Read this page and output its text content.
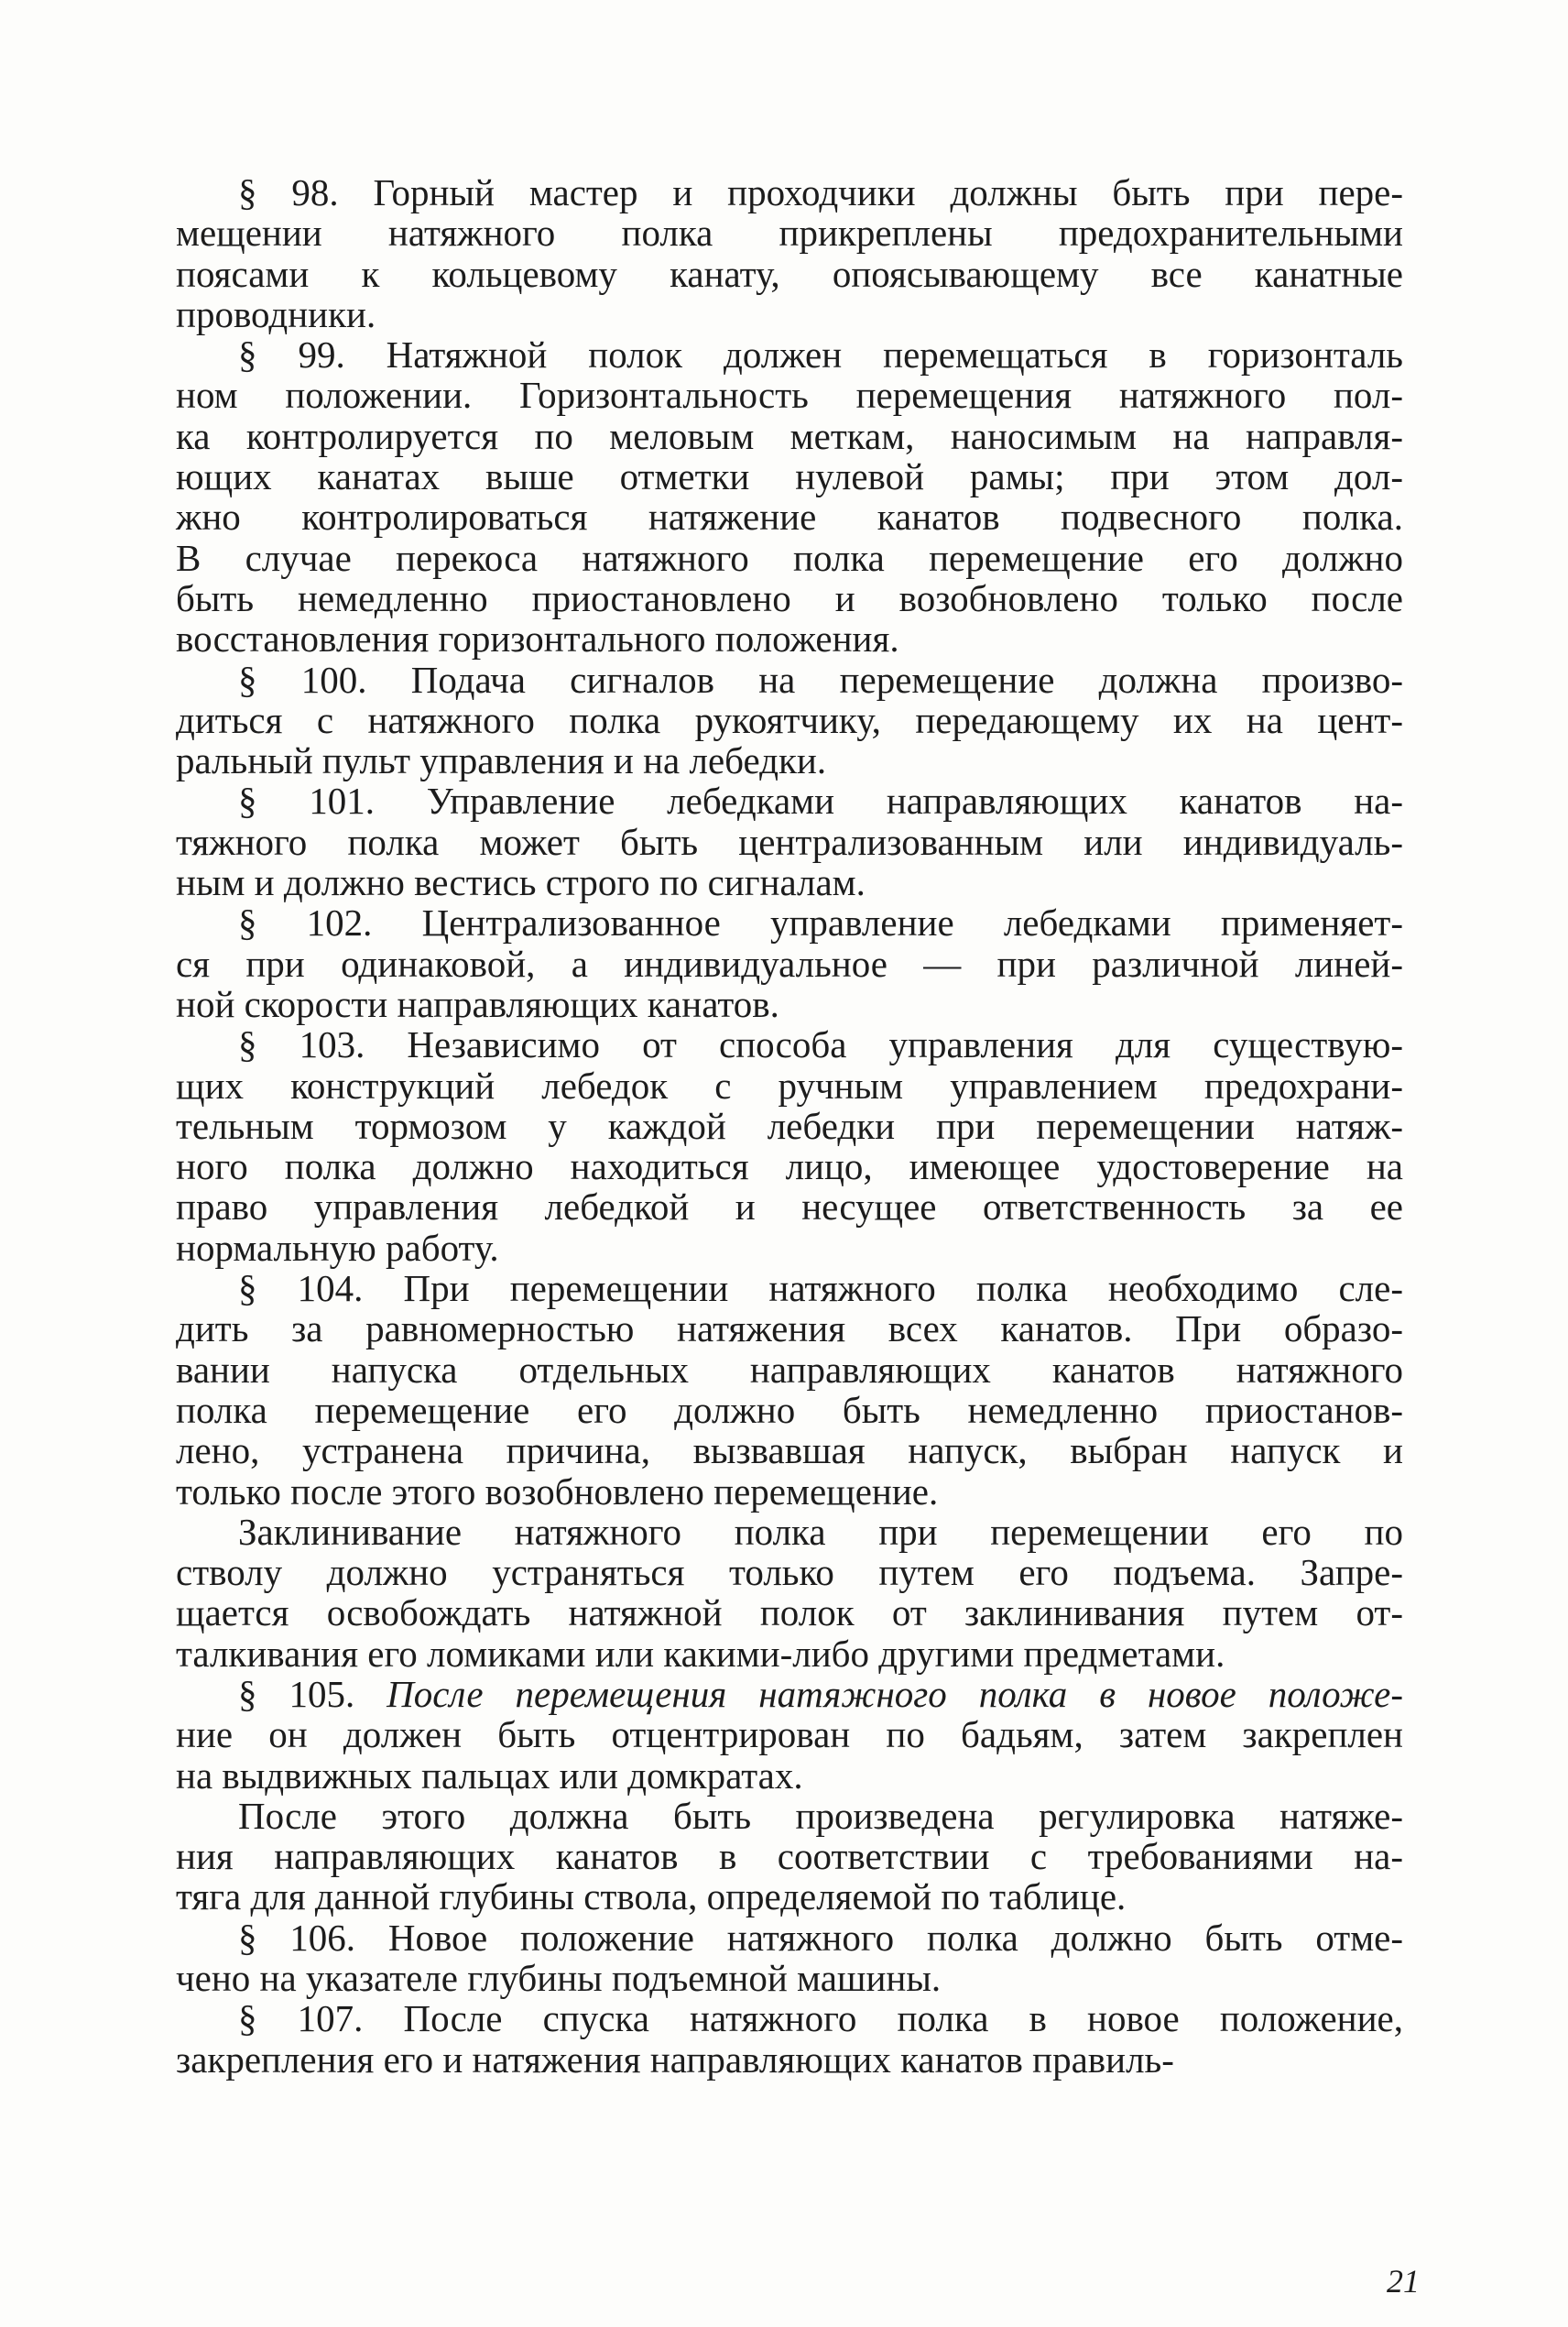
§ 98. Горный мастер и проходчики должны быть при пере-
мещении натяжного полка прикреплены предохранительными
поясами к кольцевому канату, опоясывающему все канатные
проводники.
§ 99. Натяжной полок должен перемещаться в горизонталь
ном положении. Горизонтальность перемещения натяжного пол-
ка контролируется по меловым меткам, наносимым на направля-
ющих канатах выше отметки нулевой рамы; при этом дол-
жно контролироваться натяжение канатов подвесного полка.
В случае перекоса натяжного полка перемещение его должно
быть немедленно приостановлено и возобновлено только после
восстановления горизонтального положения.
§ 100. Подача сигналов на перемещение должна произво-
диться с натяжного полка рукоятчику, передающему их на цент-
ральный пульт управления и на лебедки.
§ 101. Управление лебедками направляющих канатов на-
тяжного полка может быть централизованным или индивидуаль-
ным и должно вестись строго по сигналам.
§ 102. Централизованное управление лебедками применяет-
ся при одинаковой, а индивидуальное — при различной линей-
ной скорости направляющих канатов.
§ 103. Независимо от способа управления для существую-
щих конструкций лебедок с ручным управлением предохрани-
тельным тормозом у каждой лебедки при перемещении натяж-
ного полка должно находиться лицо, имеющее удостоверение на
право управления лебедкой и несущее ответственность за ее
нормальную работу.
§ 104. При перемещении натяжного полка необходимо сле-
дить за равномерностью натяжения всех канатов. При образо-
вании напуска отдельных направляющих канатов натяжного
полка перемещение его должно быть немедленно приостанов-
лено, устранена причина, вызвавшая напуск, выбран напуск и
только после этого возобновлено перемещение.
Заклинивание натяжного полка при перемещении его по
стволу должно устраняться только путем его подъема. Запре-
щается освобождать натяжной полок от заклинивания путем от-
талкивания его ломиками или какими-либо другими предметами.
§ 105. После перемещения натяжного полка в новое положе-
ние он должен быть отцентрирован по бадьям, затем закреплен
на выдвижных пальцах или домкратах.
После этого должна быть произведена регулировка натяже-
ния направляющих канатов в соответствии с требованиями на-
тяга для данной глубины ствола, определяемой по таблице.
§ 106. Новое положение натяжного полка должно быть отме-
чено на указателе глубины подъемной машины.
§ 107. После спуска натяжного полка в новое положение,
закрепления его и натяжения направляющих канатов правиль-
21
